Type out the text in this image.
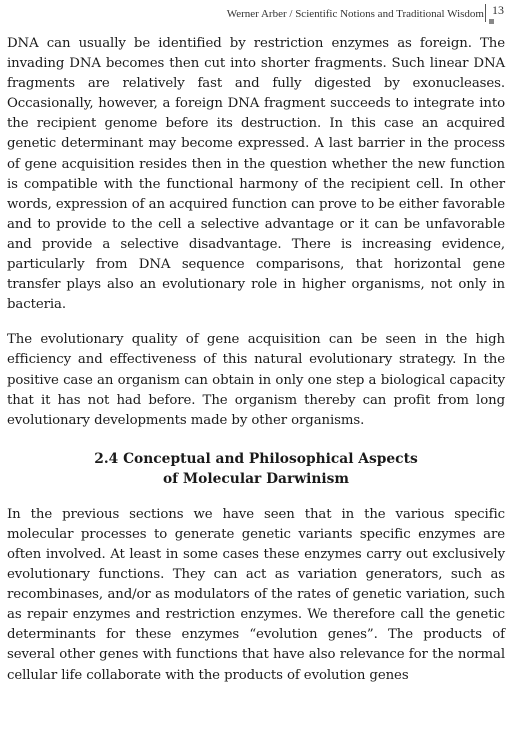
Werner Arber / Scientific Notions and Traditional Wisdom 13

DNA can usually be identified by restriction enzymes as foreign. The invading DNA becomes then cut into shorter fragments. Such linear DNA fragments are relatively fast and fully digested by exonucleases. Occasionally, however, a foreign DNA fragment succeeds to integrate into the recipient genome before its destruction. In this case an acquired genetic determinant may become expressed. A last barrier in the process of gene acquisition resides then in the question whether the new function is compatible with the functional harmony of the recipient cell. In other words, expression of an acquired function can prove to be either favorable and to provide to the cell a selective advantage or it can be unfavorable and provide a selective disadvantage. There is increasing evidence, particularly from DNA sequence comparisons, that horizontal gene transfer plays also an evolutionary role in higher organisms, not only in bacteria.

The evolutionary quality of gene acquisition can be seen in the high efficiency and effectiveness of this natural evolutionary strategy. In the positive case an organism can obtain in only one step a biological capacity that it has not had before. The organism thereby can profit from long evolutionary developments made by other organisms.

2.4 Conceptual and Philosophical Aspects
of Molecular Darwinism

In the previous sections we have seen that in the various specific molecular processes to generate genetic variants specific enzymes are often involved. At least in some cases these enzymes carry out exclusively evolutionary functions. They can act as variation generators, such as recombinases, and/or as modulators of the rates of genetic variation, such as repair enzymes and restriction enzymes. We therefore call the genetic determinants for these enzymes “evolution genes”. The products of several other genes with functions that have also relevance for the normal cellular life collaborate with the products of evolution genes
